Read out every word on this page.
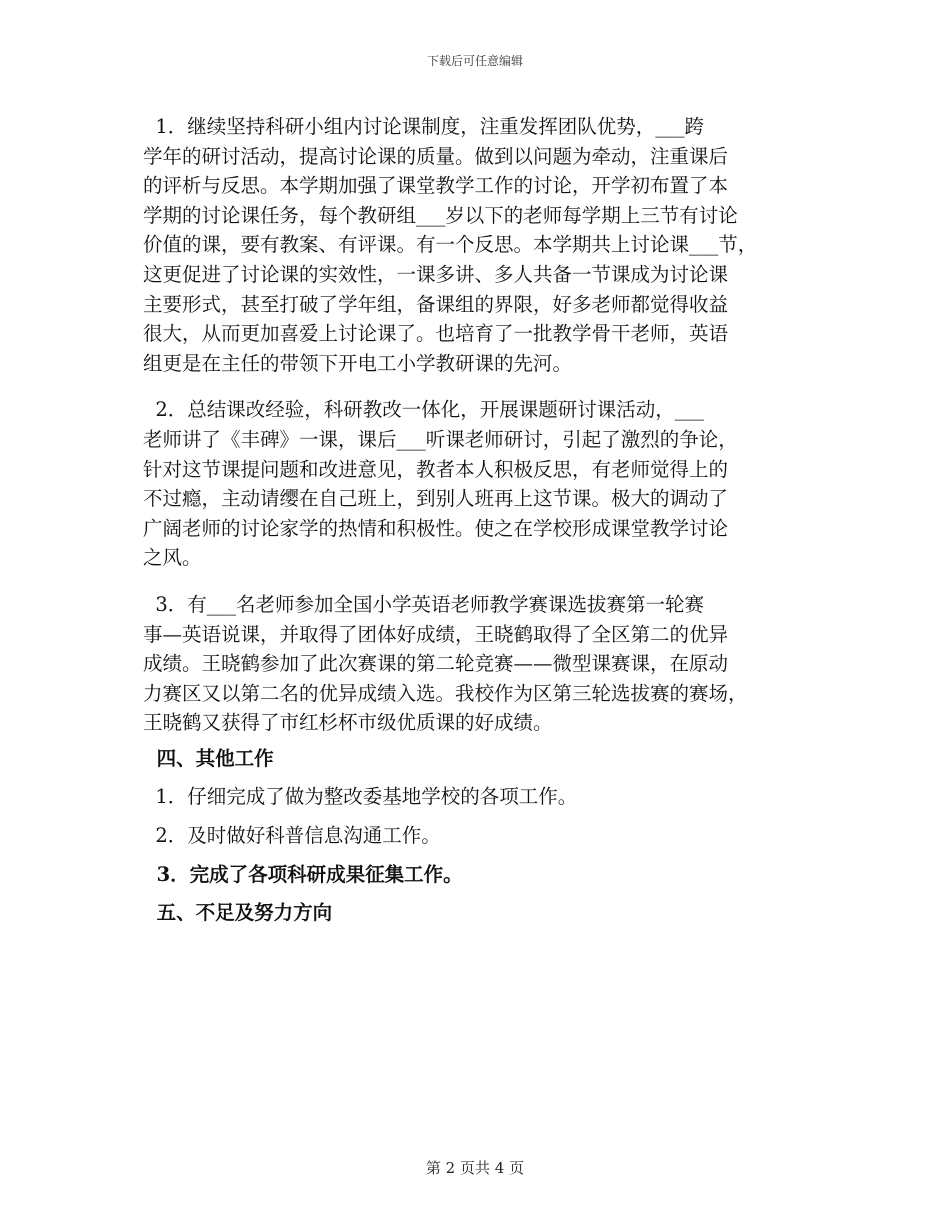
下载后可任意编辑
1．继续坚持科研小组内讨论课制度，注重发挥团队优势，___跨
学年的研讨活动，提高讨论课的质量。做到以问题为牵动，注重课后
的评析与反思。本学期加强了课堂教学工作的讨论，开学初布置了本
学期的讨论课任务，每个教研组___岁以下的老师每学期上三节有讨论
价值的课，要有教案、有评课。有一个反思。本学期共上讨论课___节，
这更促进了讨论课的实效性，一课多讲、多人共备一节课成为讨论课
主要形式，甚至打破了学年组，备课组的界限，好多老师都觉得收益
很大，从而更加喜爱上讨论课了。也培育了一批教学骨干老师，英语
组更是在主任的带领下开电工小学教研课的先河。
2．总结课改经验，科研教改一体化，开展课题研讨课活动，___
老师讲了《丰碑》一课，课后___听课老师研讨，引起了激烈的争论，
针对这节课提问题和改进意见，教者本人积极反思，有老师觉得上的
不过瘾，主动请缨在自己班上，到别人班再上这节课。极大的调动了
广阔老师的讨论家学的热情和积极性。使之在学校形成课堂教学讨论
之风。
3．有___名老师参加全国小学英语老师教学赛课选拔赛第一轮赛
事—英语说课，并取得了团体好成绩，王晓鹤取得了全区第二的优异
成绩。王晓鹤参加了此次赛课的第二轮竞赛——微型课赛课，在原动
力赛区又以第二名的优异成绩入选。我校作为区第三轮选拔赛的赛场，
王晓鹤又获得了市红杉杯市级优质课的好成绩。
四、其他工作
1．仔细完成了做为整改委基地学校的各项工作。
2．及时做好科普信息沟通工作。
3．完成了各项科研成果征集工作。
五、不足及努力方向
第 2 页共 4 页
